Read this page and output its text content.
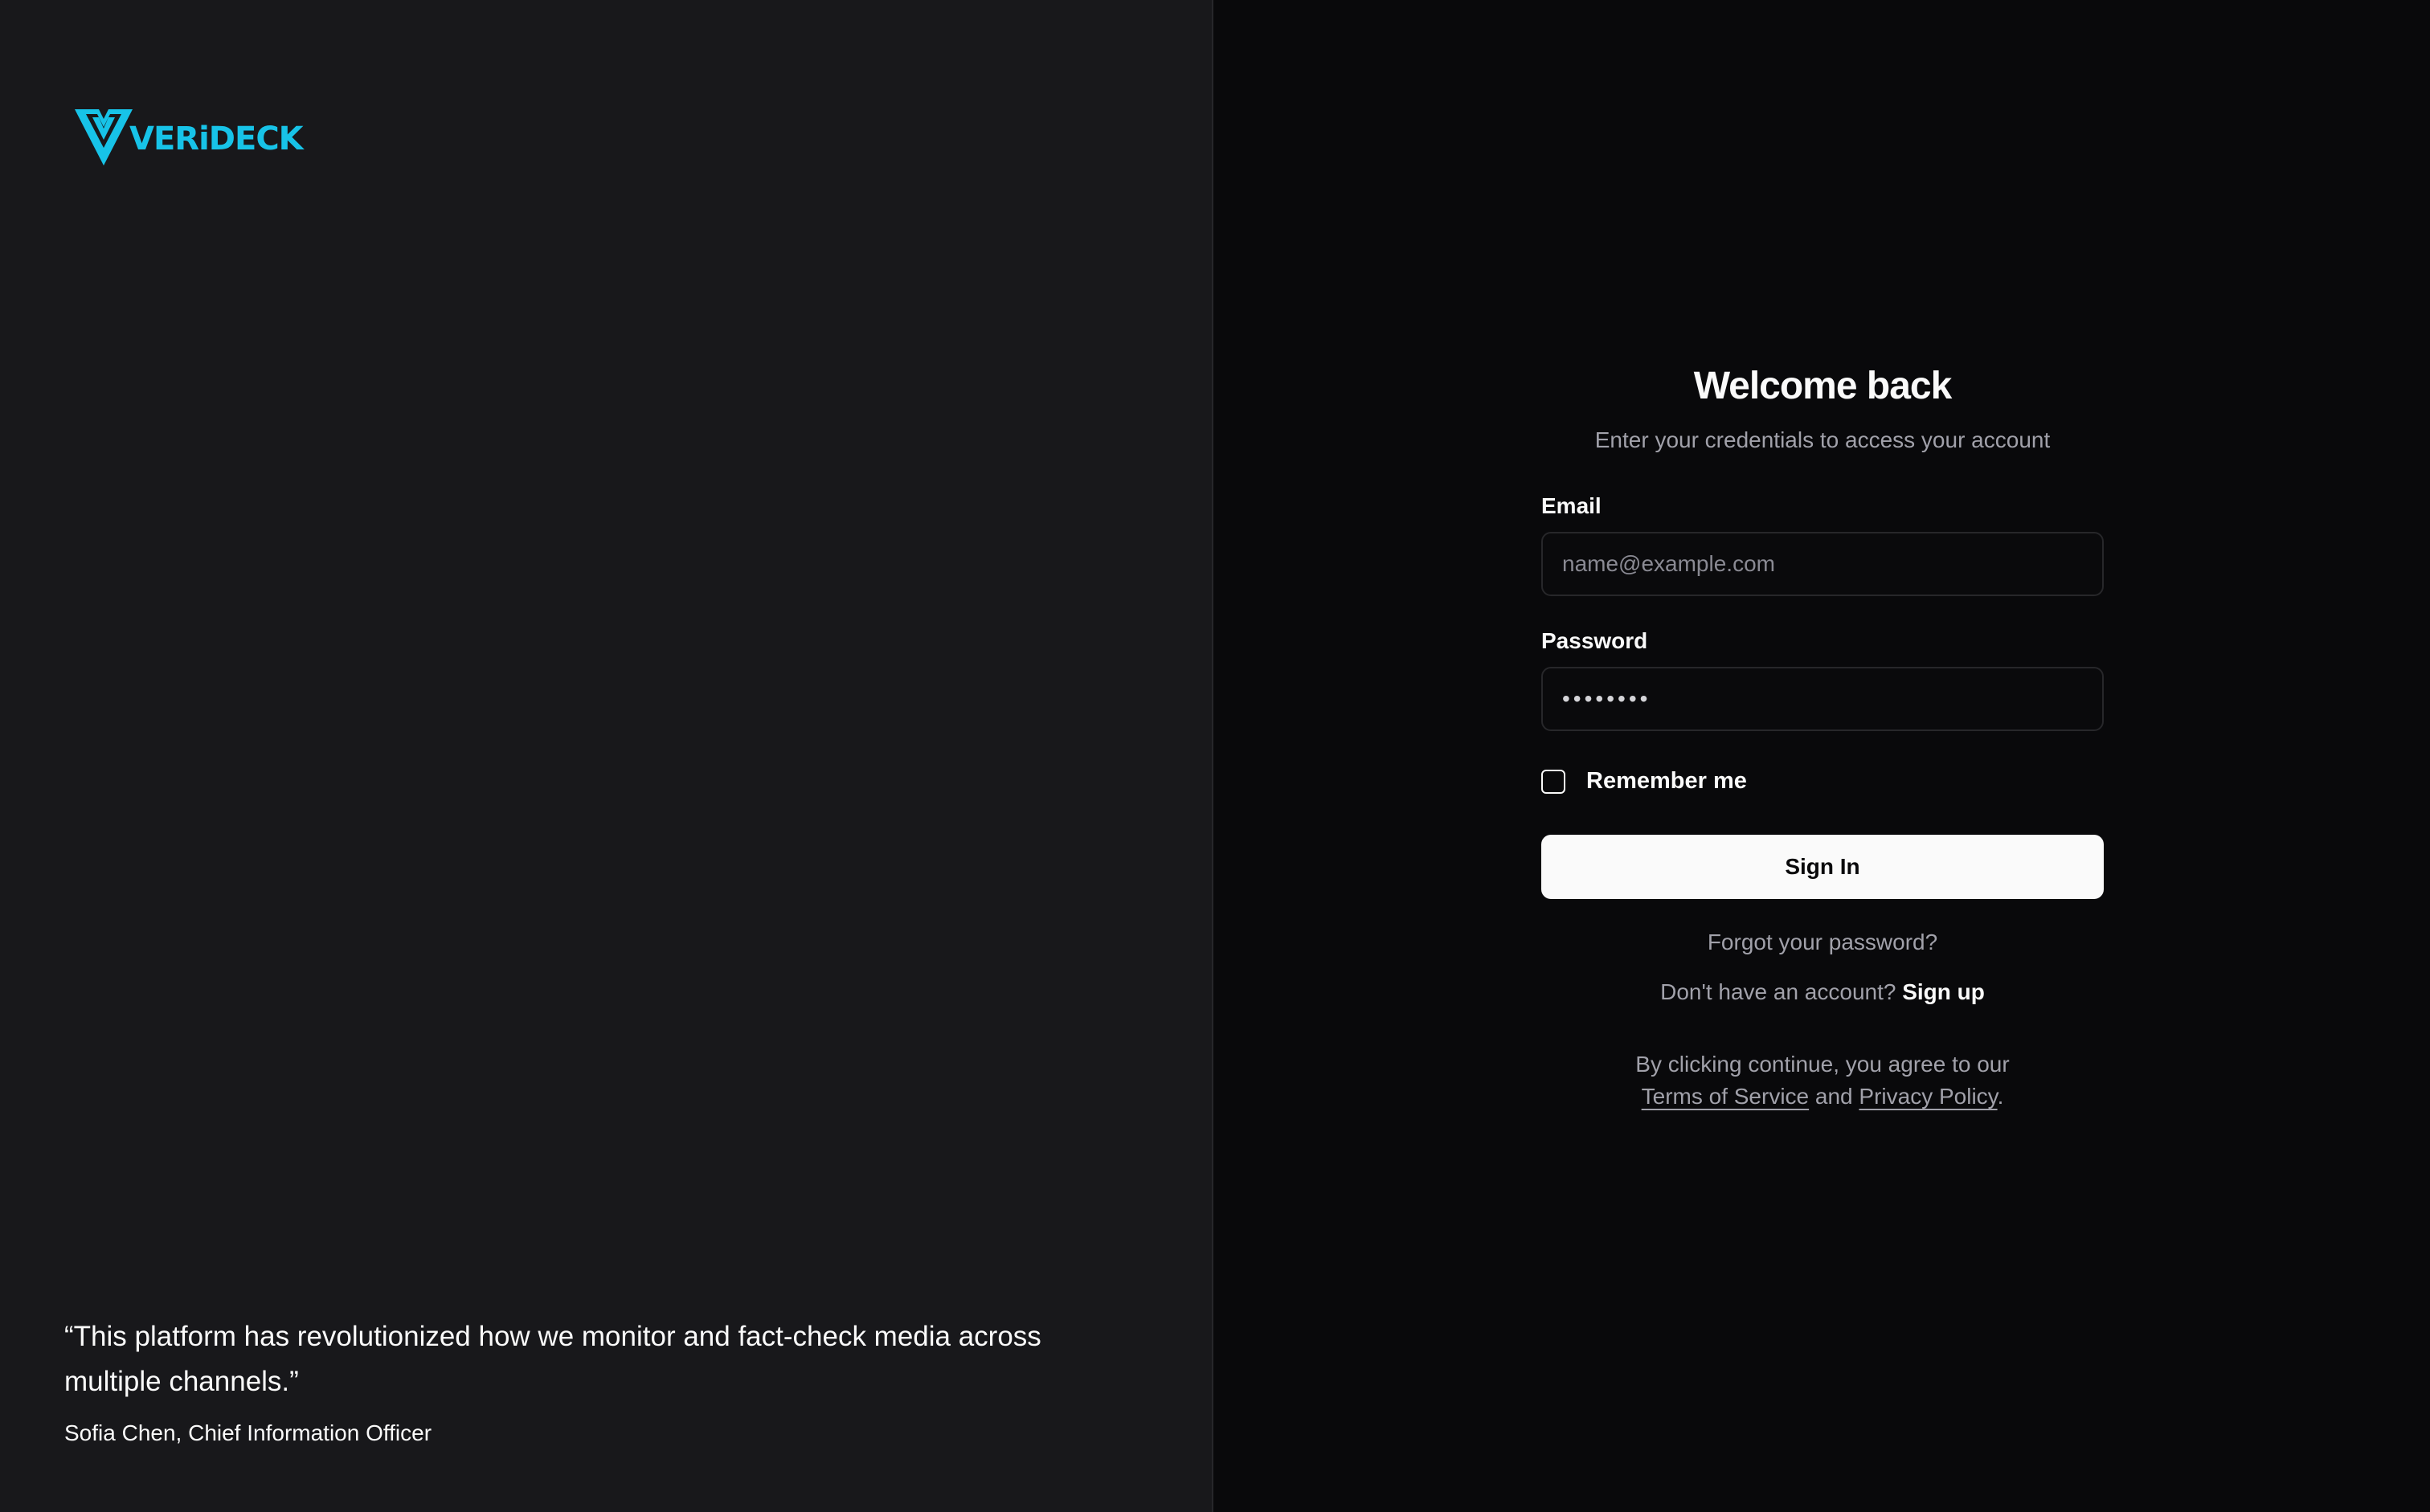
VERiDECK

“This platform has revolutionized how we monitor and fact-check media across multiple channels.”

Sofia Chen, Chief Information Officer
Welcome back
Enter your credentials to access your account
Email
name@example.com
Password
••••••••
Remember me
Sign In
Forgot your password?
Don't have an account? Sign up
By clicking continue, you agree to our
Terms of Service and Privacy Policy.
